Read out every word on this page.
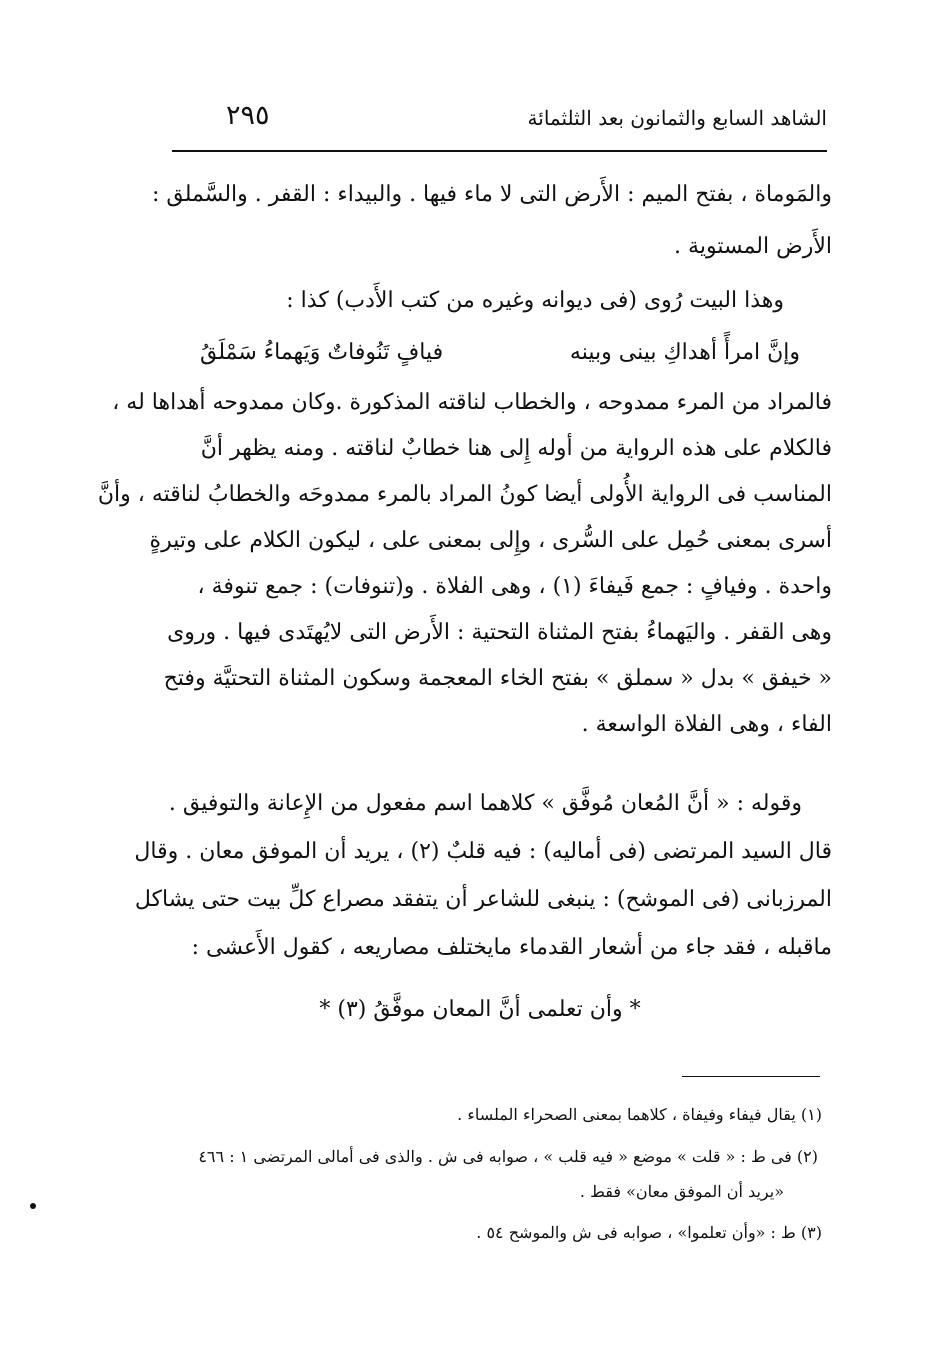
الشاهد السابع والثمانون بعد الثلثمائة
٢٩٥
والمَوماة ، بفتح الميم : الأَرض التى لا ماء فيها . والبيداء : القفر . والسَّملق :
الأَرض المستوية .
وهذا البيت رُوى (فى ديوانه وغيره من كتب الأَدب) كذا :
وإنَّ امرأً أهداكِ بينى وبينه
فيافٍ تَنُوفاتٌ وَيَهماءُ سَمْلَقُ
فالمراد من المرء ممدوحه ، والخطاب لناقته المذكورة .وكان ممدوحه أهداها له ،
فالكلام على هذه الرواية من أوله إِلى هنا خطابٌ لناقته . ومنه يظهر أنَّ
المناسب فى الرواية الأُولى أيضا كونُ المراد بالمرء ممدوحَه والخطابُ لناقته ، وأنَّ
أسرى بمعنى حُمِل على السُّرى ، وإِلى بمعنى على ، ليكون الكلام على وتيرةٍ
واحدة . وفيافٍ : جمع فَيفاءَ (١) ، وهى الفلاة . و(تنوفات) : جمع تنوفة ،
وهى القفر . واليَهماءُ بفتح المثناة التحتية : الأَرض التى لايُهتَدى فيها . وروى
« خيفق » بدل « سملق » بفتح الخاء المعجمة وسكون المثناة التحتيَّة وفتح
الفاء ، وهى الفلاة الواسعة .
وقوله : « أنَّ المُعان مُوفَّق » كلاهما اسم مفعول من الإِعانة والتوفيق .
قال السيد المرتضى (فى أماليه) : فيه قلبٌ (٢) ، يريد أن الموفق معان . وقال
المرزبانى (فى الموشح) : ينبغى للشاعر أن يتفقد مصراع كلِّ بيت حتى يشاكل
ماقبله ، فقد جاء من أشعار القدماء مايختلف مصاريعه ، كقول الأَعشى :
* وأن تعلمى أنَّ المعان موفَّقُ (٣) *
(١) يقال فيفاء وفيفاة ، كلاهما بمعنى الصحراء الملساء .
(٢) فى ط : « قلت » موضع « فيه قلب » ، صوابه فى ش . والذى فى أمالى المرتضى ١ : ٤٦٦
«يريد أن الموفق معان» فقط .
(٣) ط : «وأن تعلموا» ، صوابه فى ش والموشح ٥٤ .
